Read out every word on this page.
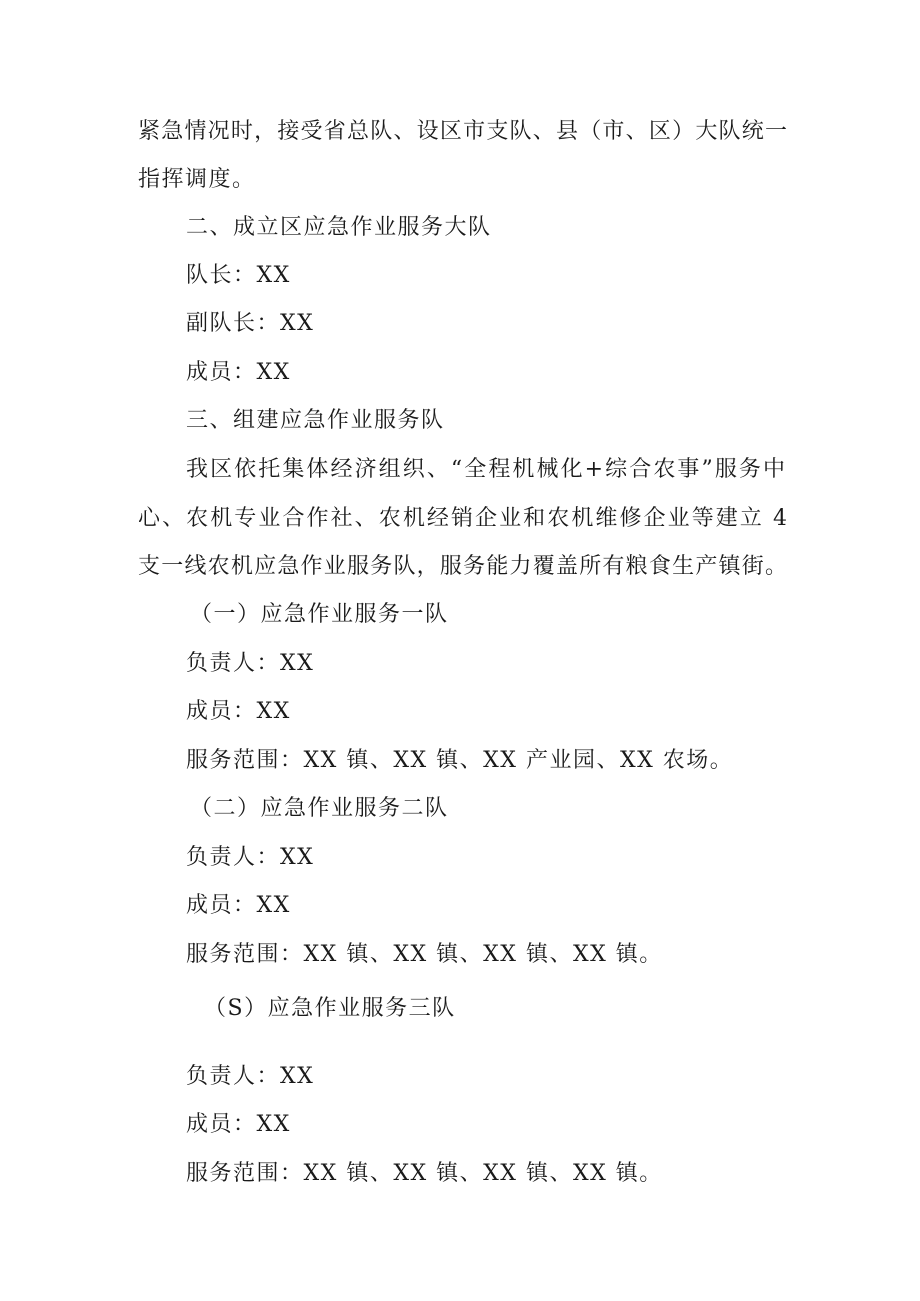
紧急情况时，接受省总队、设区市支队、县（市、区）大队统一
指挥调度。
二、成立区应急作业服务大队
队长：XX
副队长：XX
成员：XX
三、组建应急作业服务队
我区依托集体经济组织、“全程机械化+综合农事”服务中
心、农机专业合作社、农机经销企业和农机维修企业等建立 4
支一线农机应急作业服务队，服务能力覆盖所有粮食生产镇街。
（一）应急作业服务一队
负责人：XX
成员：XX
服务范围：XX 镇、XX 镇、XX 产业园、XX 农场。
（二）应急作业服务二队
负责人：XX
成员：XX
服务范围：XX 镇、XX 镇、XX 镇、XX 镇。
（S）应急作业服务三队
负责人：XX
成员：XX
服务范围：XX 镇、XX 镇、XX 镇、XX 镇。
